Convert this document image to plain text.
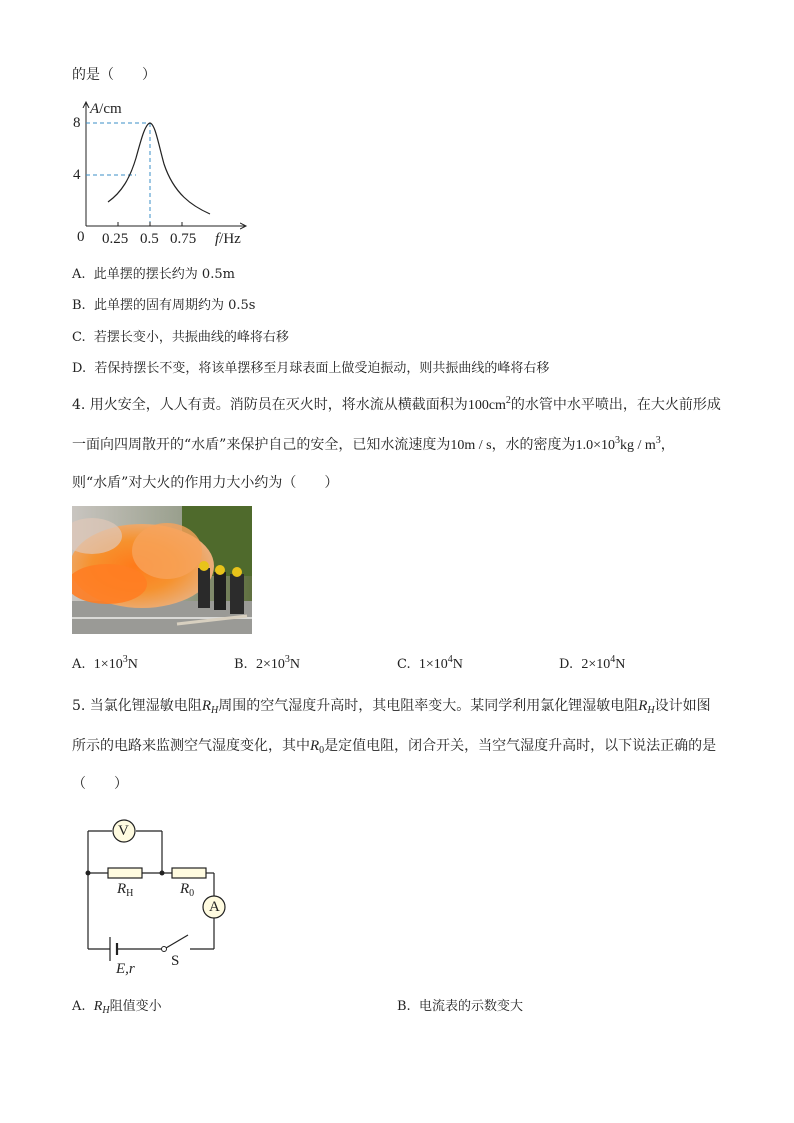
的是（　　）
A/cm
8
4
0 0.25 0.5 0.75 f/Hz
A. 此单摆的摆长约为 0.5m
B. 此单摆的固有周期约为 0.5s
C. 若摆长变小，共振曲线的峰将右移
D. 若保持摆长不变，将该单摆移至月球表面上做受迫振动，则共振曲线的峰将右移
4. 用火安全，人人有责。消防员在灭火时，将水流从横截面积为$100cm^2$的水管中水平喷出，在大火前形成
一面向四周散开的“水盾”来保护自己的安全，已知水流速度为10m / s，水的密度为$1.0\times 10^3kg / m^3$，
则“水盾”对大火的作用力大小约为（　　）
A. $1\times 10^3N$	B. $2\times 10^3N$	C. $1\times 10^4N$	D. $2\times 10^4N$
5. 当氯化锂湿敏电阻$R_H$周围的空气湿度升高时，其电阻率变大。某同学利用氯化锂湿敏电阻$R_H$设计如图
所示的电路来监测空气湿度变化，其中$R_0$是定值电阻，闭合开关，当空气湿度升高时，以下说法正确的是
（　　）
V
A
$R_H$	$R_0$
E,r S
A. $R_H$阻值变小	B. 电流表的示数变大
